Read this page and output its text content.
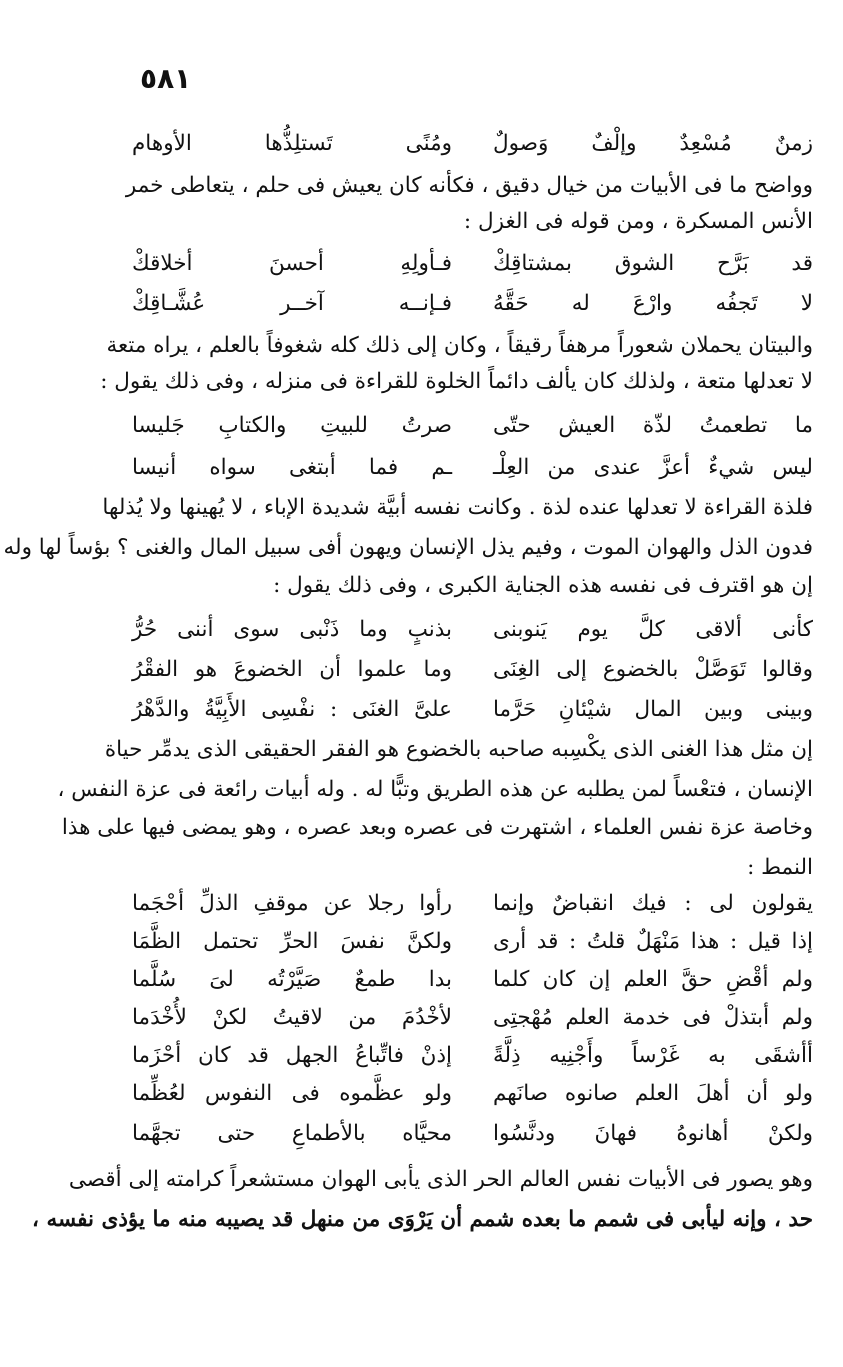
٥٨١
زمنٌ مُسْعِدٌ وإلْفٌ وَصولٌ
ومُنًى تَستلِذُّها الأوهام
وواضح ما فى الأبيات من خيال دقيق ، فكأنه كان يعيش فى حلم ، يتعاطى خمر
الأنس المسكرة ، ومن قوله فى الغزل :
قد بَرَّح الشوق بمشتاقِكْ
فـأولِهِ أحسنَ أخلاقكْ
لا تَجفُه وارْعَ له حَقَّهُ
فـإنــه آخــر عُشَّـاقِكْ
والبيتان يحملان شعوراً مرهفاً رقيقاً ، وكان إلى ذلك كله شغوفاً بالعلم ، يراه متعة
لا تعدلها متعة ، ولذلك كان يألف دائماً الخلوة للقراءة فى منزله ، وفى ذلك يقول :
ما تطعمتُ لذّة العيش حتّى
صرتُ للبيتِ والكتابِ جَليسا
ليس شيءٌ أعزَّ عندى من العِلْـ
ـم فما أبتغى سواه أنيسا
فلذة القراءة لا تعدلها عنده لذة . وكانت نفسه أبيَّة شديدة الإباء ، لا يُهينها ولا يُذلها
فدون الذل والهوان الموت ، وفيم يذل الإنسان ويهون أفى سبيل المال والغنى ؟ بؤساً لها وله
إن هو اقترف فى نفسه هذه الجناية الكبرى ، وفى ذلك يقول :
كأنى ألاقى كلَّ يوم يَنوبنى
بذنبٍ وما ذَنْبى سوى أننى حُرُّ
وقالوا تَوَصَّلْ بالخضوع إلى الغِنَى
وما علموا أن الخضوعَ هو الفقْرُ
وبينى وبين المال شيْئانِ حَرَّما
علىَّ الغنَى : نفْسِى الأَبِيَّةُ والدَّهْرُ
إن مثل هذا الغنى الذى يكْسِبه صاحبه بالخضوع هو الفقر الحقيقى الذى يدمِّر حياة
الإنسان ، فتعْساً لمن يطلبه عن هذه الطريق وتبًّا له . وله أبيات رائعة فى عزة النفس ،
وخاصة عزة نفس العلماء ، اشتهرت فى عصره وبعد عصره ، وهو يمضى فيها على هذا
النمط :
يقولون لى : فيك انقباضٌ وإنما
رأوا رجلا عن موقفِ الذلِّ أحْجَما
إذا قيل : هذا مَنْهَلٌ قلتُ : قد أرى
ولكنَّ نفسَ الحرِّ تحتمل الظَّمَا
ولم أقْضِ حقَّ العلم إن كان كلما
بدا طمعٌ صَيَّرْتُه لىَ سُلَّما
ولم أبتذلْ فى خدمة العلم مُهْجتِى
لأخْدُمَ من لاقيتُ لكنْ لأُخْدَما
أأشقَى به غَرْساً وأَجْنِيه ذِلَّةً
إذنْ فاتِّباعُ الجهل قد كان أحْزَما
ولو أن أهلَ العلم صانوه صانَهم
ولو عظَّموه فى النفوس لعُظِّما
ولكنْ أهانوهُ فهانَ ودنَّسُوا
محيَّاه بالأطماعِ حتى تجهَّما
وهو يصور فى الأبيات نفس العالم الحر الذى يأبى الهوان مستشعراً كرامته إلى أقصى
حد ، وإنه ليأبى فى شمم ما بعده شمم أن يَرْوَى من منهل قد يصيبه منه ما يؤذى نفسه ،
